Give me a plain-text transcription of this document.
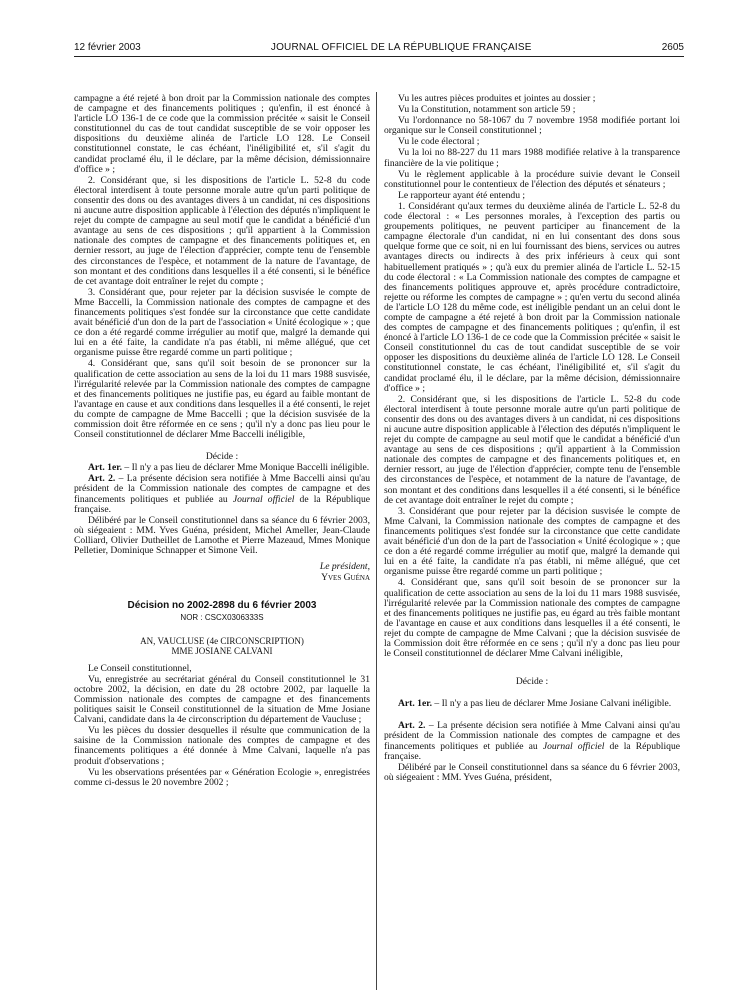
12 février 2003	JOURNAL OFFICIEL DE LA RÉPUBLIQUE FRANÇAISE	2605

campagne a été rejeté à bon droit par la Commission nationale des comptes de campagne et des financements politiques ; qu'enfin, il est énoncé à l'article LO 136-1 de ce code que la commission précitée « saisit le Conseil constitutionnel du cas de tout candidat susceptible de se voir opposer les dispositions du deuxième alinéa de l'article LO 128. Le Conseil constitutionnel constate, le cas échéant, l'inéligibilité et, s'il s'agit du candidat proclamé élu, il le déclare, par la même décision, démissionnaire d'office » ;

2. Considérant que, si les dispositions de l'article L. 52-8 du code électoral interdisent à toute personne morale autre qu'un parti politique de consentir des dons ou des avantages divers à un candidat, ni ces dispositions ni aucune autre disposition applicable à l'élection des députés n'impliquent le rejet du compte de campagne au seul motif que le candidat a bénéficié d'un avantage au sens de ces dispositions ; qu'il appartient à la Commission nationale des comptes de campagne et des financements politiques et, en dernier ressort, au juge de l'élection d'apprécier, compte tenu de l'ensemble des circonstances de l'espèce, et notamment de la nature de l'avantage, de son montant et des conditions dans lesquelles il a été consenti, si le bénéfice de cet avantage doit entraîner le rejet du compte ;

3. Considérant que, pour rejeter par la décision susvisée le compte de Mme Baccelli, la Commission nationale des comptes de campagne et des financements politiques s'est fondée sur la circonstance que cette candidate avait bénéficié d'un don de la part de l'association « Unité écologique » ; que ce don a été regardé comme irrégulier au motif que, malgré la demande qui lui en a été faite, la candidate n'a pas établi, ni même allégué, que cet organisme puisse être regardé comme un parti politique ;

4. Considérant que, sans qu'il soit besoin de se prononcer sur la qualification de cette association au sens de la loi du 11 mars 1988 susvisée, l'irrégularité relevée par la Commission nationale des comptes de campagne et des financements politiques ne justifie pas, eu égard au faible montant de l'avantage en cause et aux conditions dans lesquelles il a été consenti, le rejet du compte de campagne de Mme Baccelli ; que la décision susvisée de la commission doit être réformée en ce sens ; qu'il n'y a donc pas lieu pour le Conseil constitutionnel de déclarer Mme Baccelli inéligible,

Décide :

Art. 1er. – Il n'y a pas lieu de déclarer Mme Monique Baccelli inéligible.

Art. 2. – La présente décision sera notifiée à Mme Baccelli ainsi qu'au président de la Commission nationale des comptes de campagne et des financements politiques et publiée au Journal officiel de la République française.

Délibéré par le Conseil constitutionnel dans sa séance du 6 février 2003, où siégeaient : MM. Yves Guéna, président, Michel Ameller, Jean-Claude Colliard, Olivier Dutheillet de Lamothe et Pierre Mazeaud, Mmes Monique Pelletier, Dominique Schnapper et Simone Veil.

Le président,

Yves Guéna

Décision no 2002-2898 du 6 février 2003

NOR : CSCX0306333S

AN, VAUCLUSE (4e CIRCONSCRIPTION)

MME JOSIANE CALVANI

Le Conseil constitutionnel,

Vu, enregistrée au secrétariat général du Conseil constitutionnel le 31 octobre 2002, la décision, en date du 28 octobre 2002, par laquelle la Commission nationale des comptes de campagne et des financements politiques saisit le Conseil constitutionnel de la situation de Mme Josiane Calvani, candidate dans la 4e circonscription du département de Vaucluse ;

Vu les pièces du dossier desquelles il résulte que communication de la saisine de la Commission nationale des comptes de campagne et des financements politiques a été donnée à Mme Calvani, laquelle n'a pas produit d'observations ;

Vu les observations présentées par « Génération Ecologie », enregistrées comme ci-dessus le 20 novembre 2002 ;

Vu les autres pièces produites et jointes au dossier ;

Vu la Constitution, notamment son article 59 ;

Vu l'ordonnance no 58-1067 du 7 novembre 1958 modifiée portant loi organique sur le Conseil constitutionnel ;

Vu le code électoral ;

Vu la loi no 88-227 du 11 mars 1988 modifiée relative à la transparence financière de la vie politique ;

Vu le règlement applicable à la procédure suivie devant le Conseil constitutionnel pour le contentieux de l'élection des députés et sénateurs ;

Le rapporteur ayant été entendu ;

1. Considérant qu'aux termes du deuxième alinéa de l'article L. 52-8 du code électoral : « Les personnes morales, à l'exception des partis ou groupements politiques, ne peuvent participer au financement de la campagne électorale d'un candidat, ni en lui consentant des dons sous quelque forme que ce soit, ni en lui fournissant des biens, services ou autres avantages directs ou indirects à des prix inférieurs à ceux qui sont habituellement pratiqués » ; qu'à eux du premier alinéa de l'article L. 52-15 du code électoral : « La Commission nationale des comptes de campagne et des financements politiques approuve et, après procédure contradictoire, rejette ou réforme les comptes de campagne » ; qu'en vertu du second alinéa de l'article LO 128 du même code, est inéligible pendant un an celui dont le compte de campagne a été rejeté à bon droit par la Commission nationale des comptes de campagne et des financements politiques ; qu'enfin, il est énoncé à l'article LO 136-1 de ce code que la Commission précitée « saisit le Conseil constitutionnel du cas de tout candidat susceptible de se voir opposer les dispositions du deuxième alinéa de l'article LO 128. Le Conseil constitutionnel constate, le cas échéant, l'inéligibilité et, s'il s'agit du candidat proclamé élu, il le déclare, par la même décision, démissionnaire d'office » ;

2. Considérant que, si les dispositions de l'article L. 52-8 du code électoral interdisent à toute personne morale autre qu'un parti politique de consentir des dons ou des avantages divers à un candidat, ni ces dispositions ni aucune autre disposition applicable à l'élection des députés n'impliquent le rejet du compte de campagne au seul motif que le candidat a bénéficié d'un avantage au sens de ces dispositions ; qu'il appartient à la Commission nationale des comptes de campagne et des financements politiques et, en dernier ressort, au juge de l'élection d'apprécier, compte tenu de l'ensemble des circonstances de l'espèce, et notamment de la nature de l'avantage, de son montant et des conditions dans lesquelles il a été consenti, si le bénéfice de cet avantage doit entraîner le rejet du compte ;

3. Considérant que pour rejeter par la décision susvisée le compte de Mme Calvani, la Commission nationale des comptes de campagne et des financements politiques s'est fondée sur la circonstance que cette candidate avait bénéficié d'un don de la part de l'association « Unité écologique » ; que ce don a été regardé comme irrégulier au motif que, malgré la demande qui lui en a été faite, la candidate n'a pas établi, ni même allégué, que cet organisme puisse être regardé comme un parti politique ;

4. Considérant que, sans qu'il soit besoin de se prononcer sur la qualification de cette association au sens de la loi du 11 mars 1988 susvisée, l'irrégularité relevée par la Commission nationale des comptes de campagne et des financements politiques ne justifie pas, eu égard au très faible montant de l'avantage en cause et aux conditions dans lesquelles il a été consenti, le rejet du compte de campagne de Mme Calvani ; que la décision susvisée de la Commission doit être réformée en ce sens ; qu'il n'y a donc pas lieu pour le Conseil constitutionnel de déclarer Mme Calvani inéligible,

Décide :

Art. 1er. – Il n'y a pas lieu de déclarer Mme Josiane Calvani inéligible.

Art. 2. – La présente décision sera notifiée à Mme Calvani ainsi qu'au président de la Commission nationale des comptes de campagne et des financements politiques et publiée au Journal officiel de la République française.

Délibéré par le Conseil constitutionnel dans sa séance du 6 février 2003, où siégeaient : MM. Yves Guéna, président,
